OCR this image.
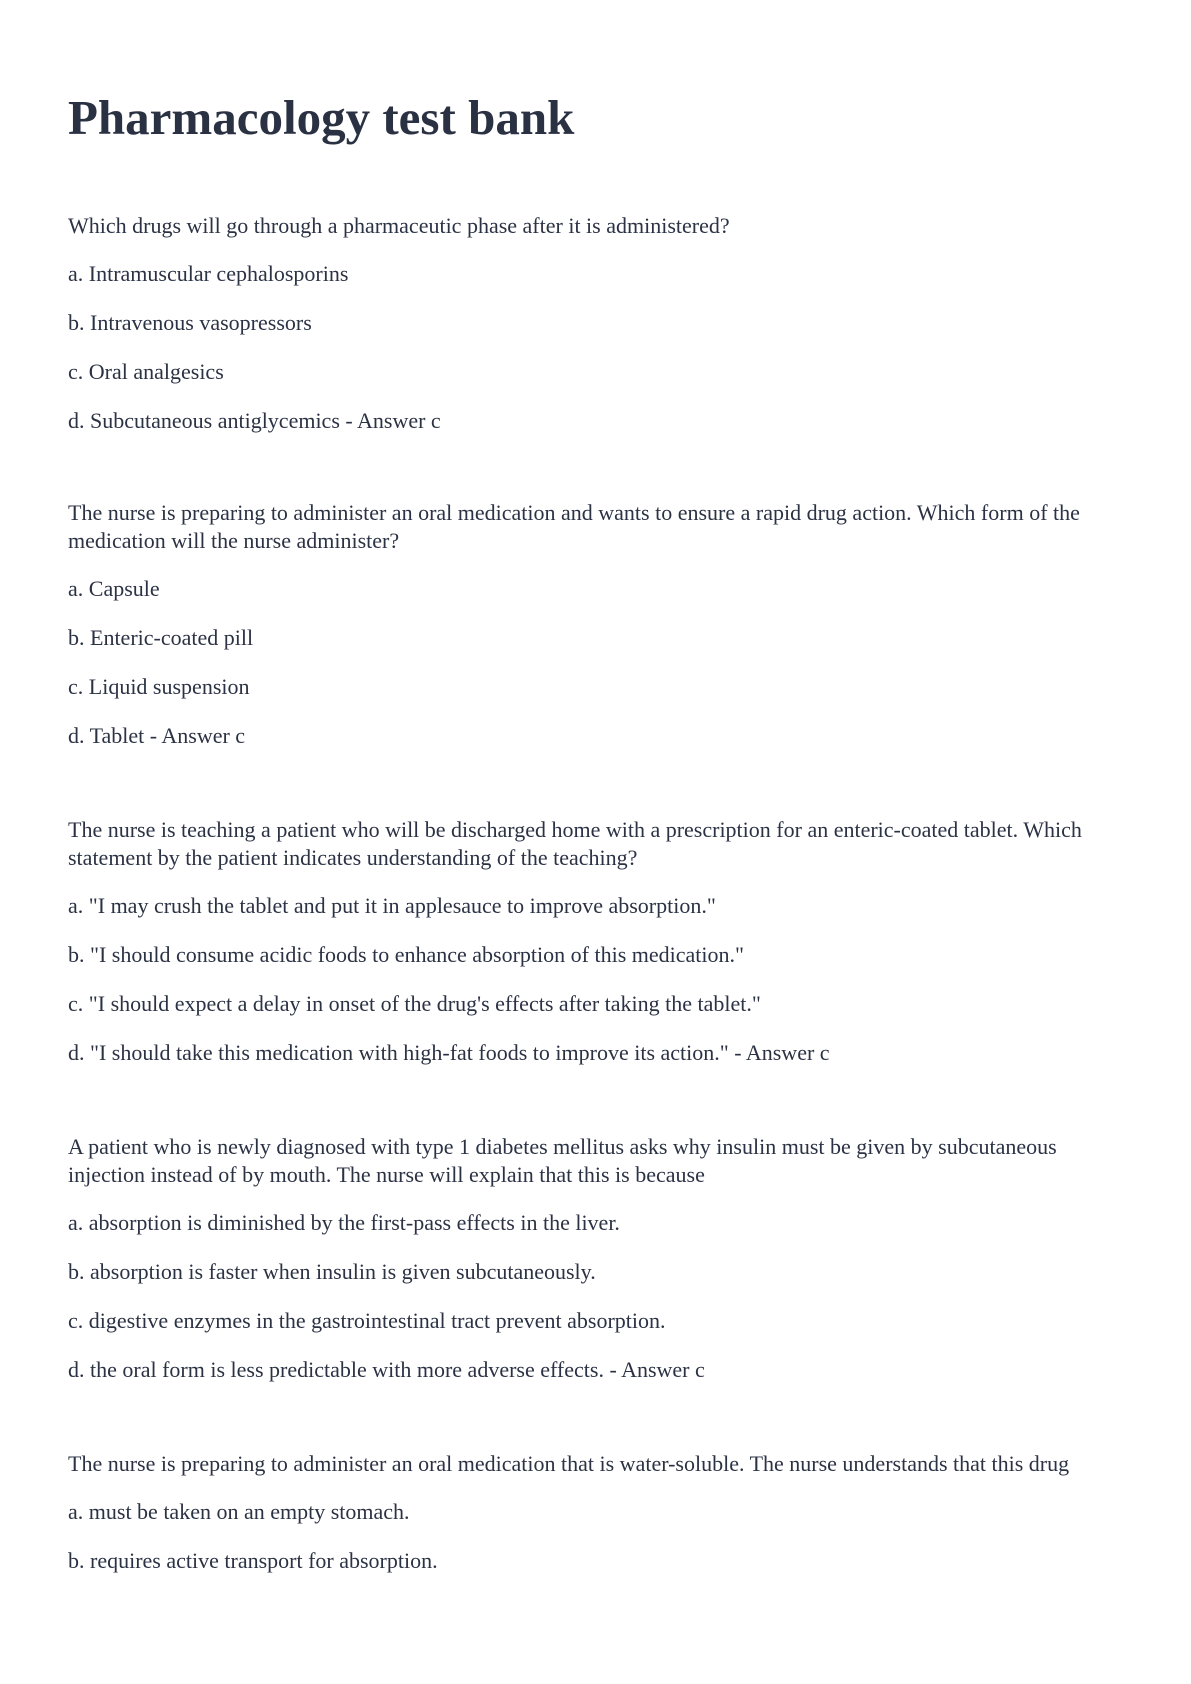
Pharmacology test bank

Which drugs will go through a pharmaceutic phase after it is administered?

a. Intramuscular cephalosporins

b. Intravenous vasopressors

c. Oral analgesics

d. Subcutaneous antiglycemics - Answer c

The nurse is preparing to administer an oral medication and wants to ensure a rapid drug action. Which form of the medication will the nurse administer?

a. Capsule

b. Enteric-coated pill

c. Liquid suspension

d. Tablet - Answer c

The nurse is teaching a patient who will be discharged home with a prescription for an enteric-coated tablet. Which statement by the patient indicates understanding of the teaching?

a. "I may crush the tablet and put it in applesauce to improve absorption."

b. "I should consume acidic foods to enhance absorption of this medication."

c. "I should expect a delay in onset of the drug's effects after taking the tablet."

d. "I should take this medication with high-fat foods to improve its action." - Answer c

A patient who is newly diagnosed with type 1 diabetes mellitus asks why insulin must be given by subcutaneous injection instead of by mouth. The nurse will explain that this is because

a. absorption is diminished by the first-pass effects in the liver.

b. absorption is faster when insulin is given subcutaneously.

c. digestive enzymes in the gastrointestinal tract prevent absorption.

d. the oral form is less predictable with more adverse effects. - Answer c

The nurse is preparing to administer an oral medication that is water-soluble. The nurse understands that this drug

a. must be taken on an empty stomach.

b. requires active transport for absorption.
